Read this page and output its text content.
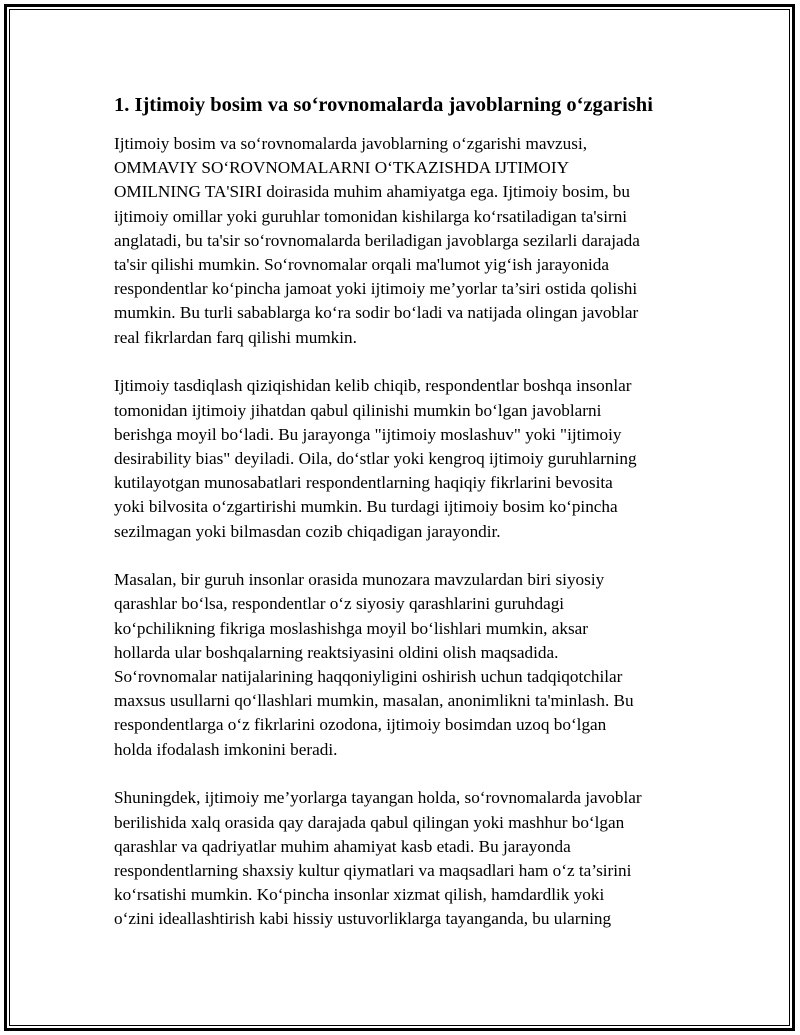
1. Ijtimoiy bosim va so‘rovnomalarda javoblarning o‘zgarishi

Ijtimoiy bosim va so‘rovnomalarda javoblarning o‘zgarishi mavzusi,
OMMAVIY SO‘ROVNOMALARNI O‘TKAZISHDA IJTIMOIY
OMILNING TA'SIRI doirasida muhim ahamiyatga ega. Ijtimoiy bosim, bu
ijtimoiy omillar yoki guruhlar tomonidan kishilarga ko‘rsatiladigan ta'sirni
anglatadi, bu ta'sir so‘rovnomalarda beriladigan javoblarga sezilarli darajada
ta'sir qilishi mumkin. So‘rovnomalar orqali ma'lumot yig‘ish jarayonida
respondentlar ko‘pincha jamoat yoki ijtimoiy me’yorlar ta’siri ostida qolishi
mumkin. Bu turli sabablarga ko‘ra sodir bo‘ladi va natijada olingan javoblar
real fikrlardan farq qilishi mumkin.

Ijtimoiy tasdiqlash qiziqishidan kelib chiqib, respondentlar boshqa insonlar
tomonidan ijtimoiy jihatdan qabul qilinishi mumkin bo‘lgan javoblarni
berishga moyil bo‘ladi. Bu jarayonga "ijtimoiy moslashuv" yoki "ijtimoiy
desirability bias" deyiladi. Oila, do‘stlar yoki kengroq ijtimoiy guruhlarning
kutilayotgan munosabatlari respondentlarning haqiqiy fikrlarini bevosita
yoki bilvosita o‘zgartirishi mumkin. Bu turdagi ijtimoiy bosim ko‘pincha
sezilmagan yoki bilmasdan cozib chiqadigan jarayondir.

Masalan, bir guruh insonlar orasida munozara mavzulardan biri siyosiy
qarashlar bo‘lsa, respondentlar o‘z siyosiy qarashlarini guruhdagi
ko‘pchilikning fikriga moslashishga moyil bo‘lishlari mumkin, aksar
hollarda ular boshqalarning reaktsiyasini oldini olish maqsadida.
So‘rovnomalar natijalarining haqqoniyligini oshirish uchun tadqiqotchilar
maxsus usullarni qo‘llashlari mumkin, masalan, anonimlikni ta'minlash. Bu
respondentlarga o‘z fikrlarini ozodona, ijtimoiy bosimdan uzoq bo‘lgan
holda ifodalash imkonini beradi.

Shuningdek, ijtimoiy me’yorlarga tayangan holda, so‘rovnomalarda javoblar
berilishida xalq orasida qay darajada qabul qilingan yoki mashhur bo‘lgan
qarashlar va qadriyatlar muhim ahamiyat kasb etadi. Bu jarayonda
respondentlarning shaxsiy kultur qiymatlari va maqsadlari ham o‘z ta’sirini
ko‘rsatishi mumkin. Ko‘pincha insonlar xizmat qilish, hamdardlik yoki
o‘zini ideallashtirish kabi hissiy ustuvorliklarga tayanganda, bu ularning
